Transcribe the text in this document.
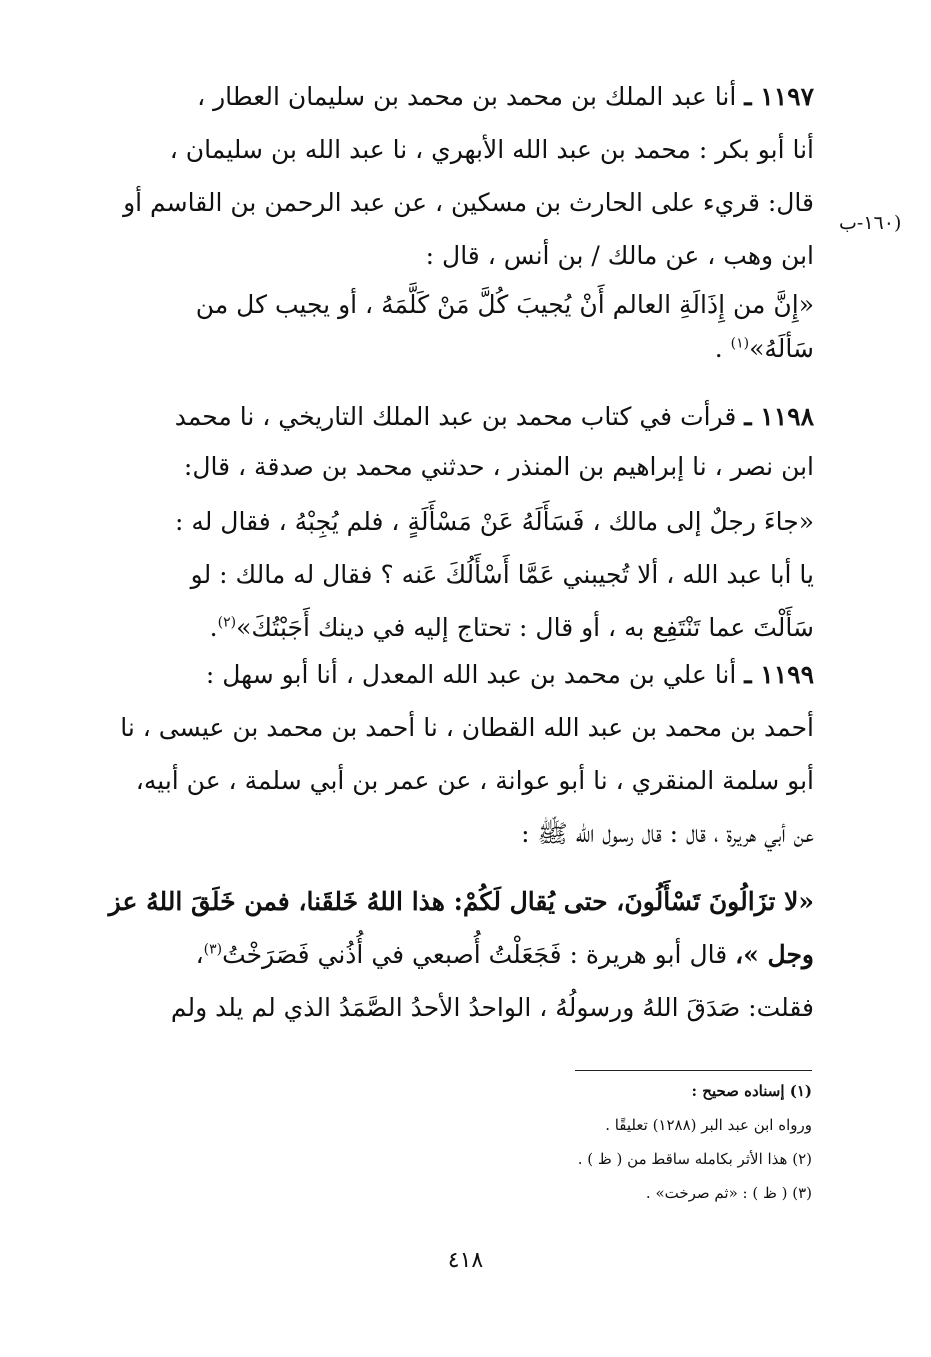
(١٦٠-ب
١١٩٧ ـ أنا عبد الملك بن محمد بن محمد بن سليمان العطار ،
أنا أبو بكر : محمد بن عبد الله الأبهري ، نا عبد الله بن سليمان ،
قال: قريء على الحارث بن مسكين ، عن عبد الرحمن بن القاسم أو
ابن وهب ، عن مالك / بن أنس ، قال :
«إِنَّ من إِذَالَةِ العالم أَنْ يُجيبَ كُلَّ مَنْ كَلَّمَهُ ، أو يجيب كل من
سَأَلَهُ»$^{(١)}$ .
١١٩٨ ـ قرأت في كتاب محمد بن عبد الملك التاريخي ، نا محمد
ابن نصر ، نا إبراهيم بن المنذر ، حدثني محمد بن صدقة ، قال:
«جاءَ رجلٌ إلى مالك ، فَسَأَلَهُ عَنْ مَسْأَلَةٍ ، فلم يُجِبْهُ ، فقال له :
يا أبا عبد الله ، ألا تُجيبني عَمَّا أَسْأَلُكَ عَنه ؟ فقال له مالك : لو
سَأَلْتَ عما تَنْتَفِع به ، أو قال : تحتاج إليه في دينك أَجَبْتُكَ»$^{(٢)}$.
١١٩٩ ـ أنا علي بن محمد بن عبد الله المعدل ، أنا أبو سهل :
أحمد بن محمد بن عبد الله القطان ، نا أحمد بن محمد بن عيسى ، نا
أبو سلمة المنقري ، نا أبو عوانة ، عن عمر بن أبي سلمة ، عن أبيه،
عن أبي هريرة ، قال : قال رسول الله ﷺ :
«لا تزَالُونَ تَسْأَلُونَ، حتى يُقال لَكُمْ: هذا اللهُ خَلقَنا، فمن خَلَقَ اللهُ عز
وجل »، قال أبو هريرة : فَجَعَلْتُ أُصبعي في أُذُني فَصَرَخْتُ$^{(٣)}$،
فقلت: صَدَقَ اللهُ ورسولُهُ ، الواحدُ الأحدُ الصَّمَدُ الذي لم يلد ولم
(١) إسناده صحيح :
ورواه ابن عبد البر (١٢٨٨) تعليقًا .
(٢) هذا الأثر بكامله ساقط من ( ظ ) .
(٣) ( ظ ) : «ثم صرخت» .
٤١٨
